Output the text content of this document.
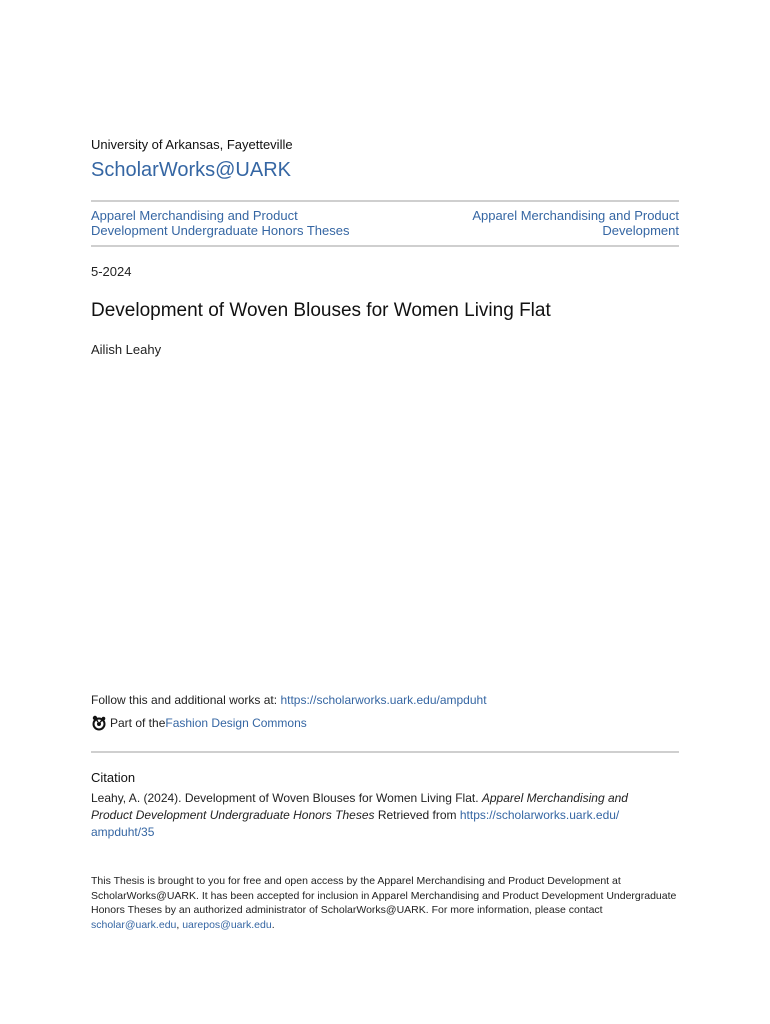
University of Arkansas, Fayetteville
ScholarWorks@UARK
Apparel Merchandising and Product
Development Undergraduate Honors Theses
Apparel Merchandising and Product
Development
5-2024
Development of Woven Blouses for Women Living Flat
Ailish Leahy
Follow this and additional works at: https://scholarworks.uark.edu/ampduht
Part of the Fashion Design Commons
Citation
Leahy, A. (2024). Development of Woven Blouses for Women Living Flat. Apparel Merchandising and Product Development Undergraduate Honors Theses Retrieved from https://scholarworks.uark.edu/
ampduht/35
This Thesis is brought to you for free and open access by the Apparel Merchandising and Product Development at ScholarWorks@UARK. It has been accepted for inclusion in Apparel Merchandising and Product Development Undergraduate Honors Theses by an authorized administrator of ScholarWorks@UARK. For more information, please contact scholar@uark.edu, uarepos@uark.edu.
